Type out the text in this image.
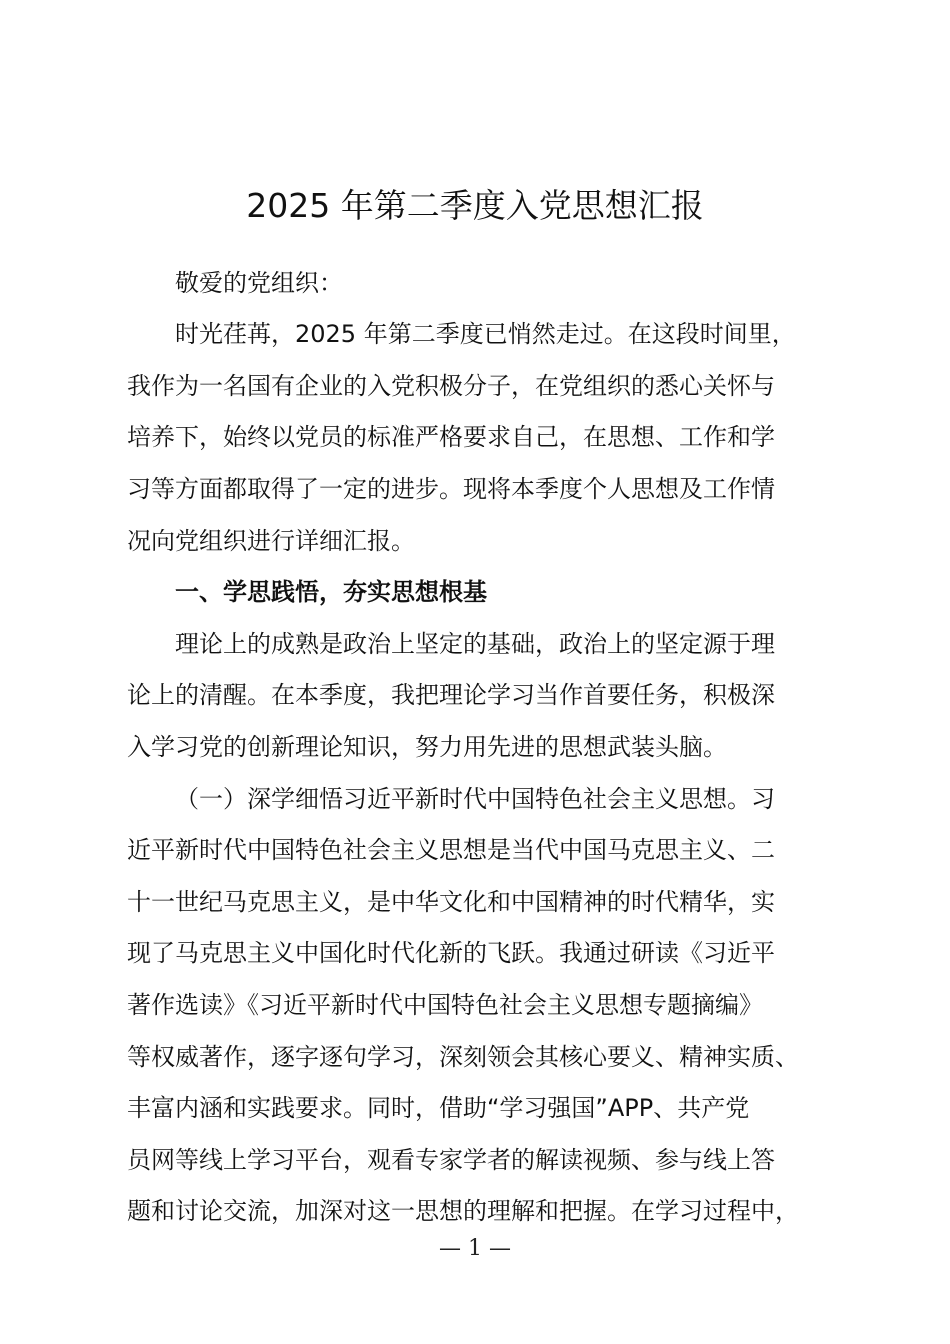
2025 年第二季度入党思想汇报
敬爱的党组织：
时光荏苒，2025 年第二季度已悄然走过。在这段时间里，
我作为一名国有企业的入党积极分子，在党组织的悉心关怀与
培养下，始终以党员的标准严格要求自己，在思想、工作和学
习等方面都取得了一定的进步。现将本季度个人思想及工作情
况向党组织进行详细汇报。
一、学思践悟，夯实思想根基
理论上的成熟是政治上坚定的基础，政治上的坚定源于理
论上的清醒。在本季度，我把理论学习当作首要任务，积极深
入学习党的创新理论知识，努力用先进的思想武装头脑。
（一）深学细悟习近平新时代中国特色社会主义思想。习
近平新时代中国特色社会主义思想是当代中国马克思主义、二
十一世纪马克思主义，是中华文化和中国精神的时代精华，实
现了马克思主义中国化时代化新的飞跃。我通过研读《习近平
著作选读》《习近平新时代中国特色社会主义思想专题摘编》
等权威著作，逐字逐句学习，深刻领会其核心要义、精神实质、
丰富内涵和实践要求。同时，借助“学习强国”APP、共产党
员网等线上学习平台，观看专家学者的解读视频、参与线上答
题和讨论交流，加深对这一思想的理解和把握。在学习过程中，
— 1 —
